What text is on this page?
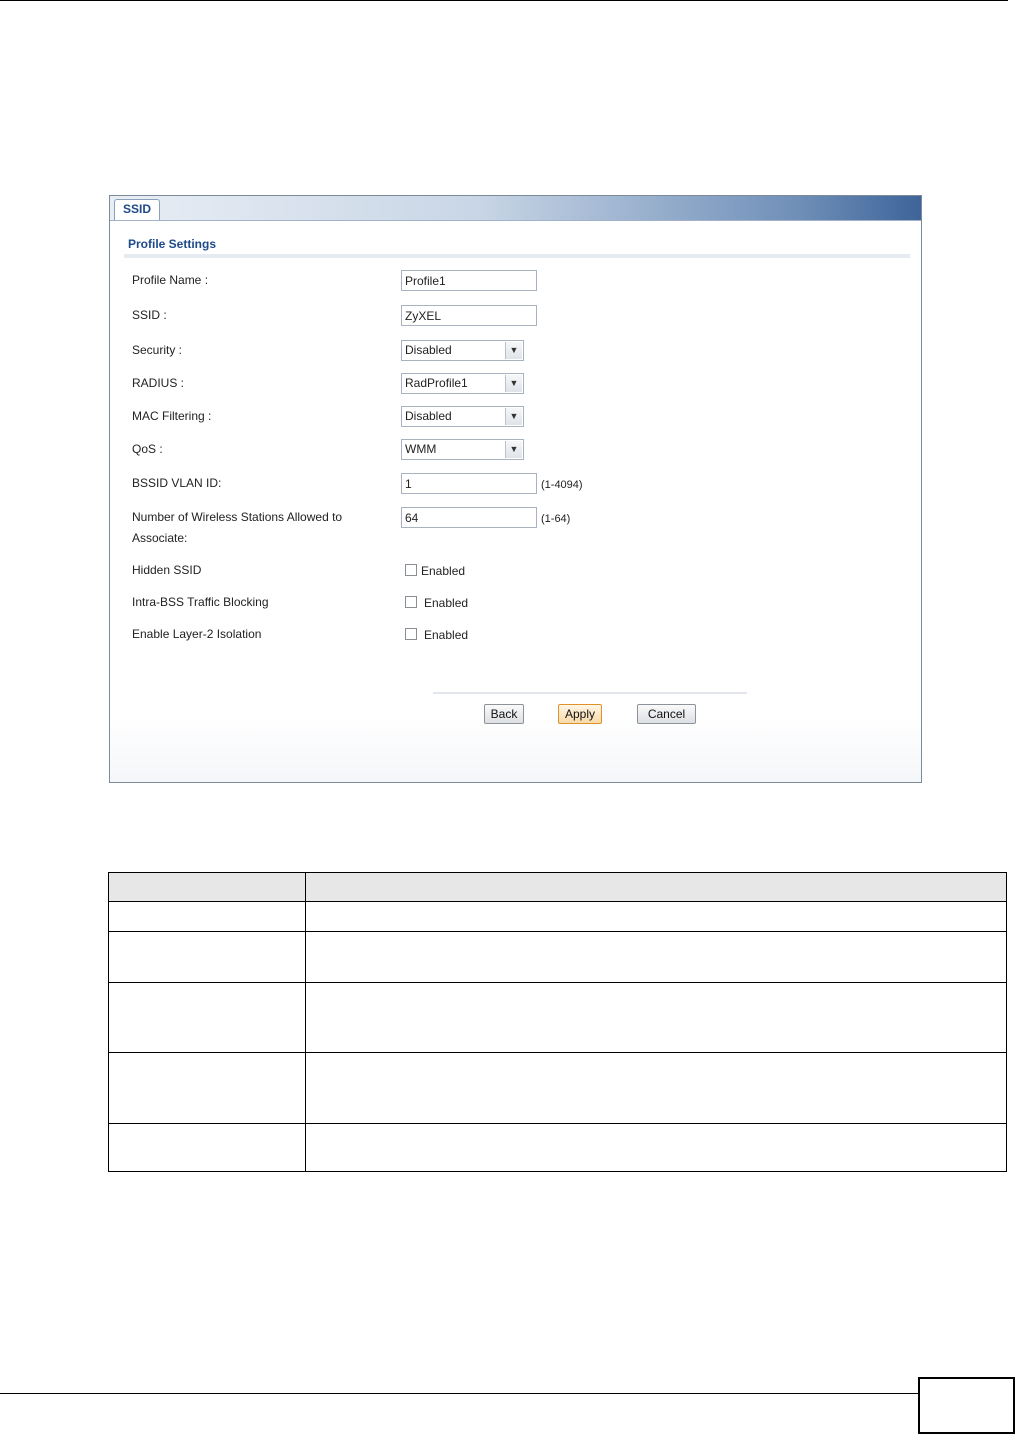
SSID
Profile Settings
Profile Name :
Profile1
SSID :
ZyXEL
Security :	Disabled	▼
RADIUS :	RadProfile1	▼
MAC Filtering :	Disabled	▼
QoS :	WMM	▼
BSSID VLAN ID:
1	(1-4094)
Number of Wireless Stations Allowed to
Associate:
64
(1-64)
Hidden SSID	Enabled
Intra-BSS Traffic Blocking	Enabled
Enable Layer-2 Isolation	Enabled
Back	Apply	Cancel
